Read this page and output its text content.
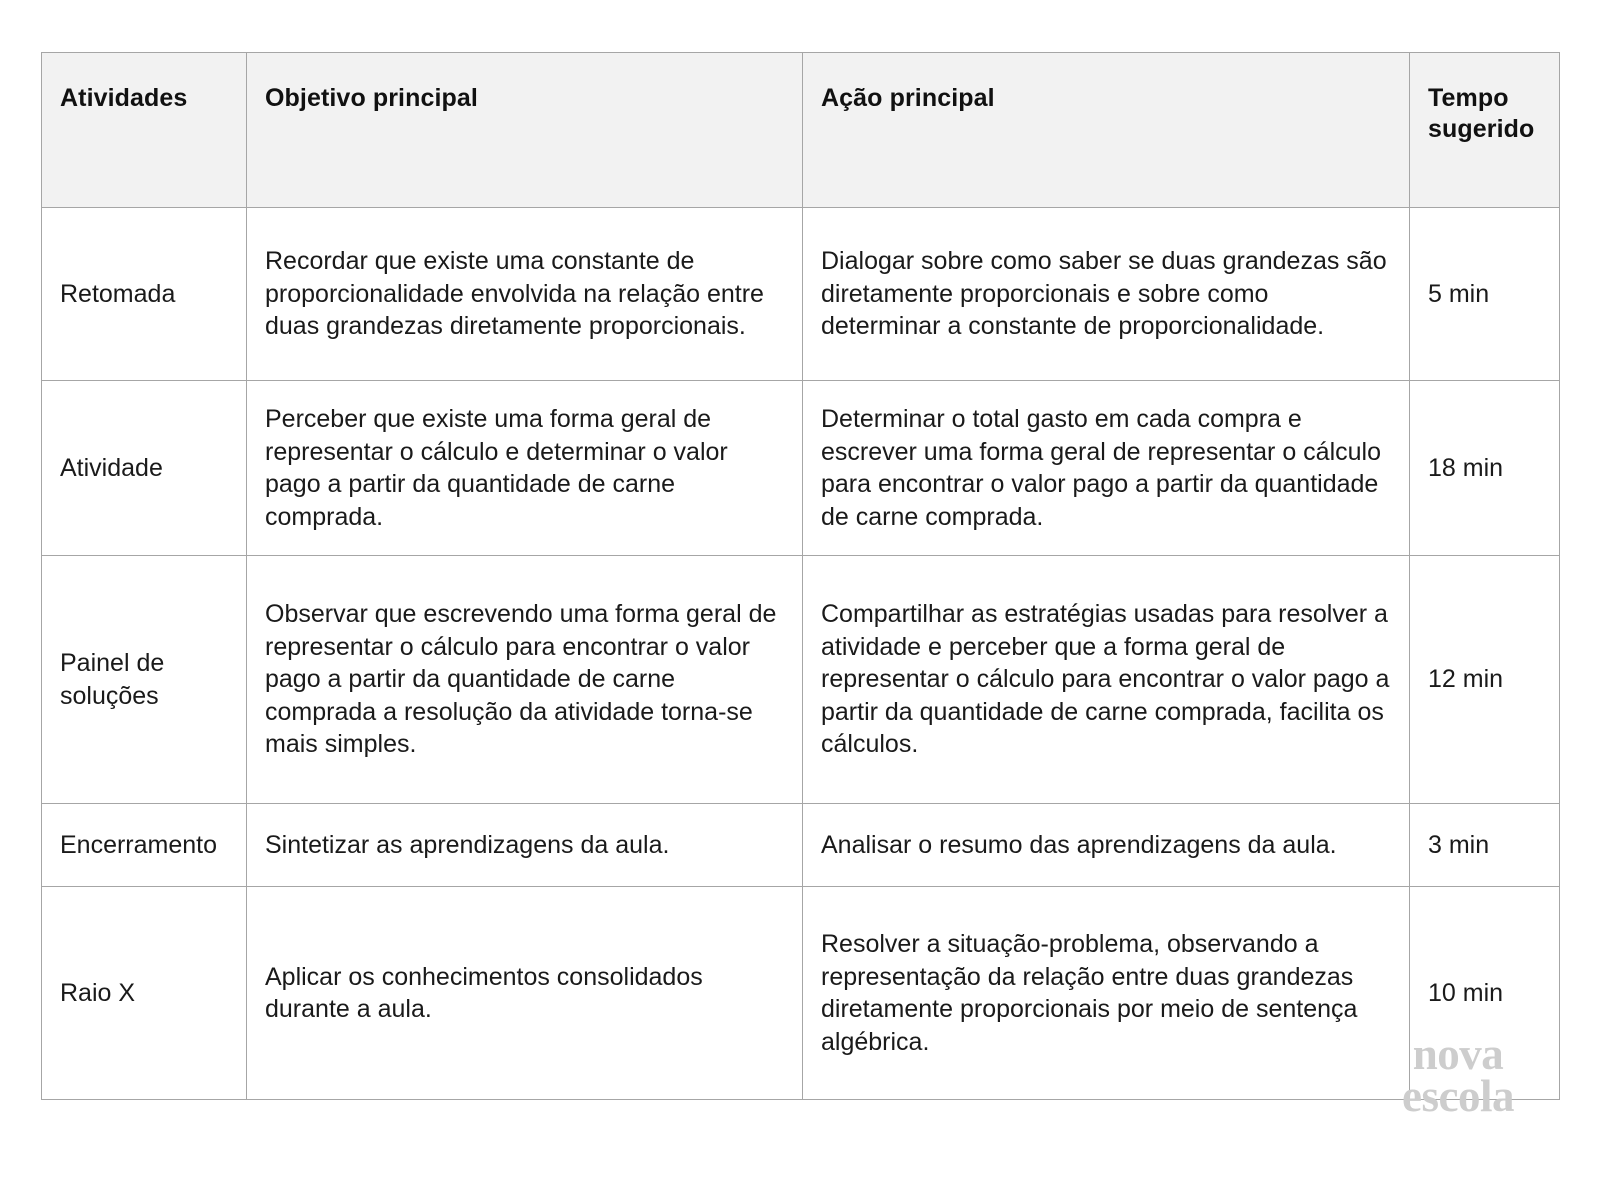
Atividades	Objetivo principal	Ação principal	Tempo sugerido
Retomada	Recordar que existe uma constante de proporcionalidade envolvida na relação entre duas grandezas diretamente proporcionais.	Dialogar sobre como saber se duas grandezas são diretamente proporcionais e sobre como determinar a constante de proporcionalidade.	5 min
Atividade	Perceber que existe uma forma geral de representar o cálculo e determinar o valor pago a partir da quantidade de carne comprada.	Determinar o total gasto em cada compra e escrever uma forma geral de representar o cálculo para encontrar o valor pago a partir da quantidade de carne comprada.	18 min
Painel de soluções	Observar que escrevendo uma forma geral de representar o cálculo para encontrar o valor pago a partir da quantidade de carne comprada a resolução da atividade torna-se mais simples.	Compartilhar as estratégias usadas para resolver a atividade e perceber que a forma geral de representar o cálculo para encontrar o valor pago a partir da quantidade de carne comprada, facilita os cálculos.	12 min
Encerramento	Sintetizar as aprendizagens da aula.	Analisar o resumo das aprendizagens da aula.	3 min
Raio X	Aplicar os conhecimentos consolidados durante a aula.	Resolver a situação-problema, observando a representação da relação entre duas grandezas diretamente proporcionais por meio de sentença algébrica.	10 min
nova
escola
